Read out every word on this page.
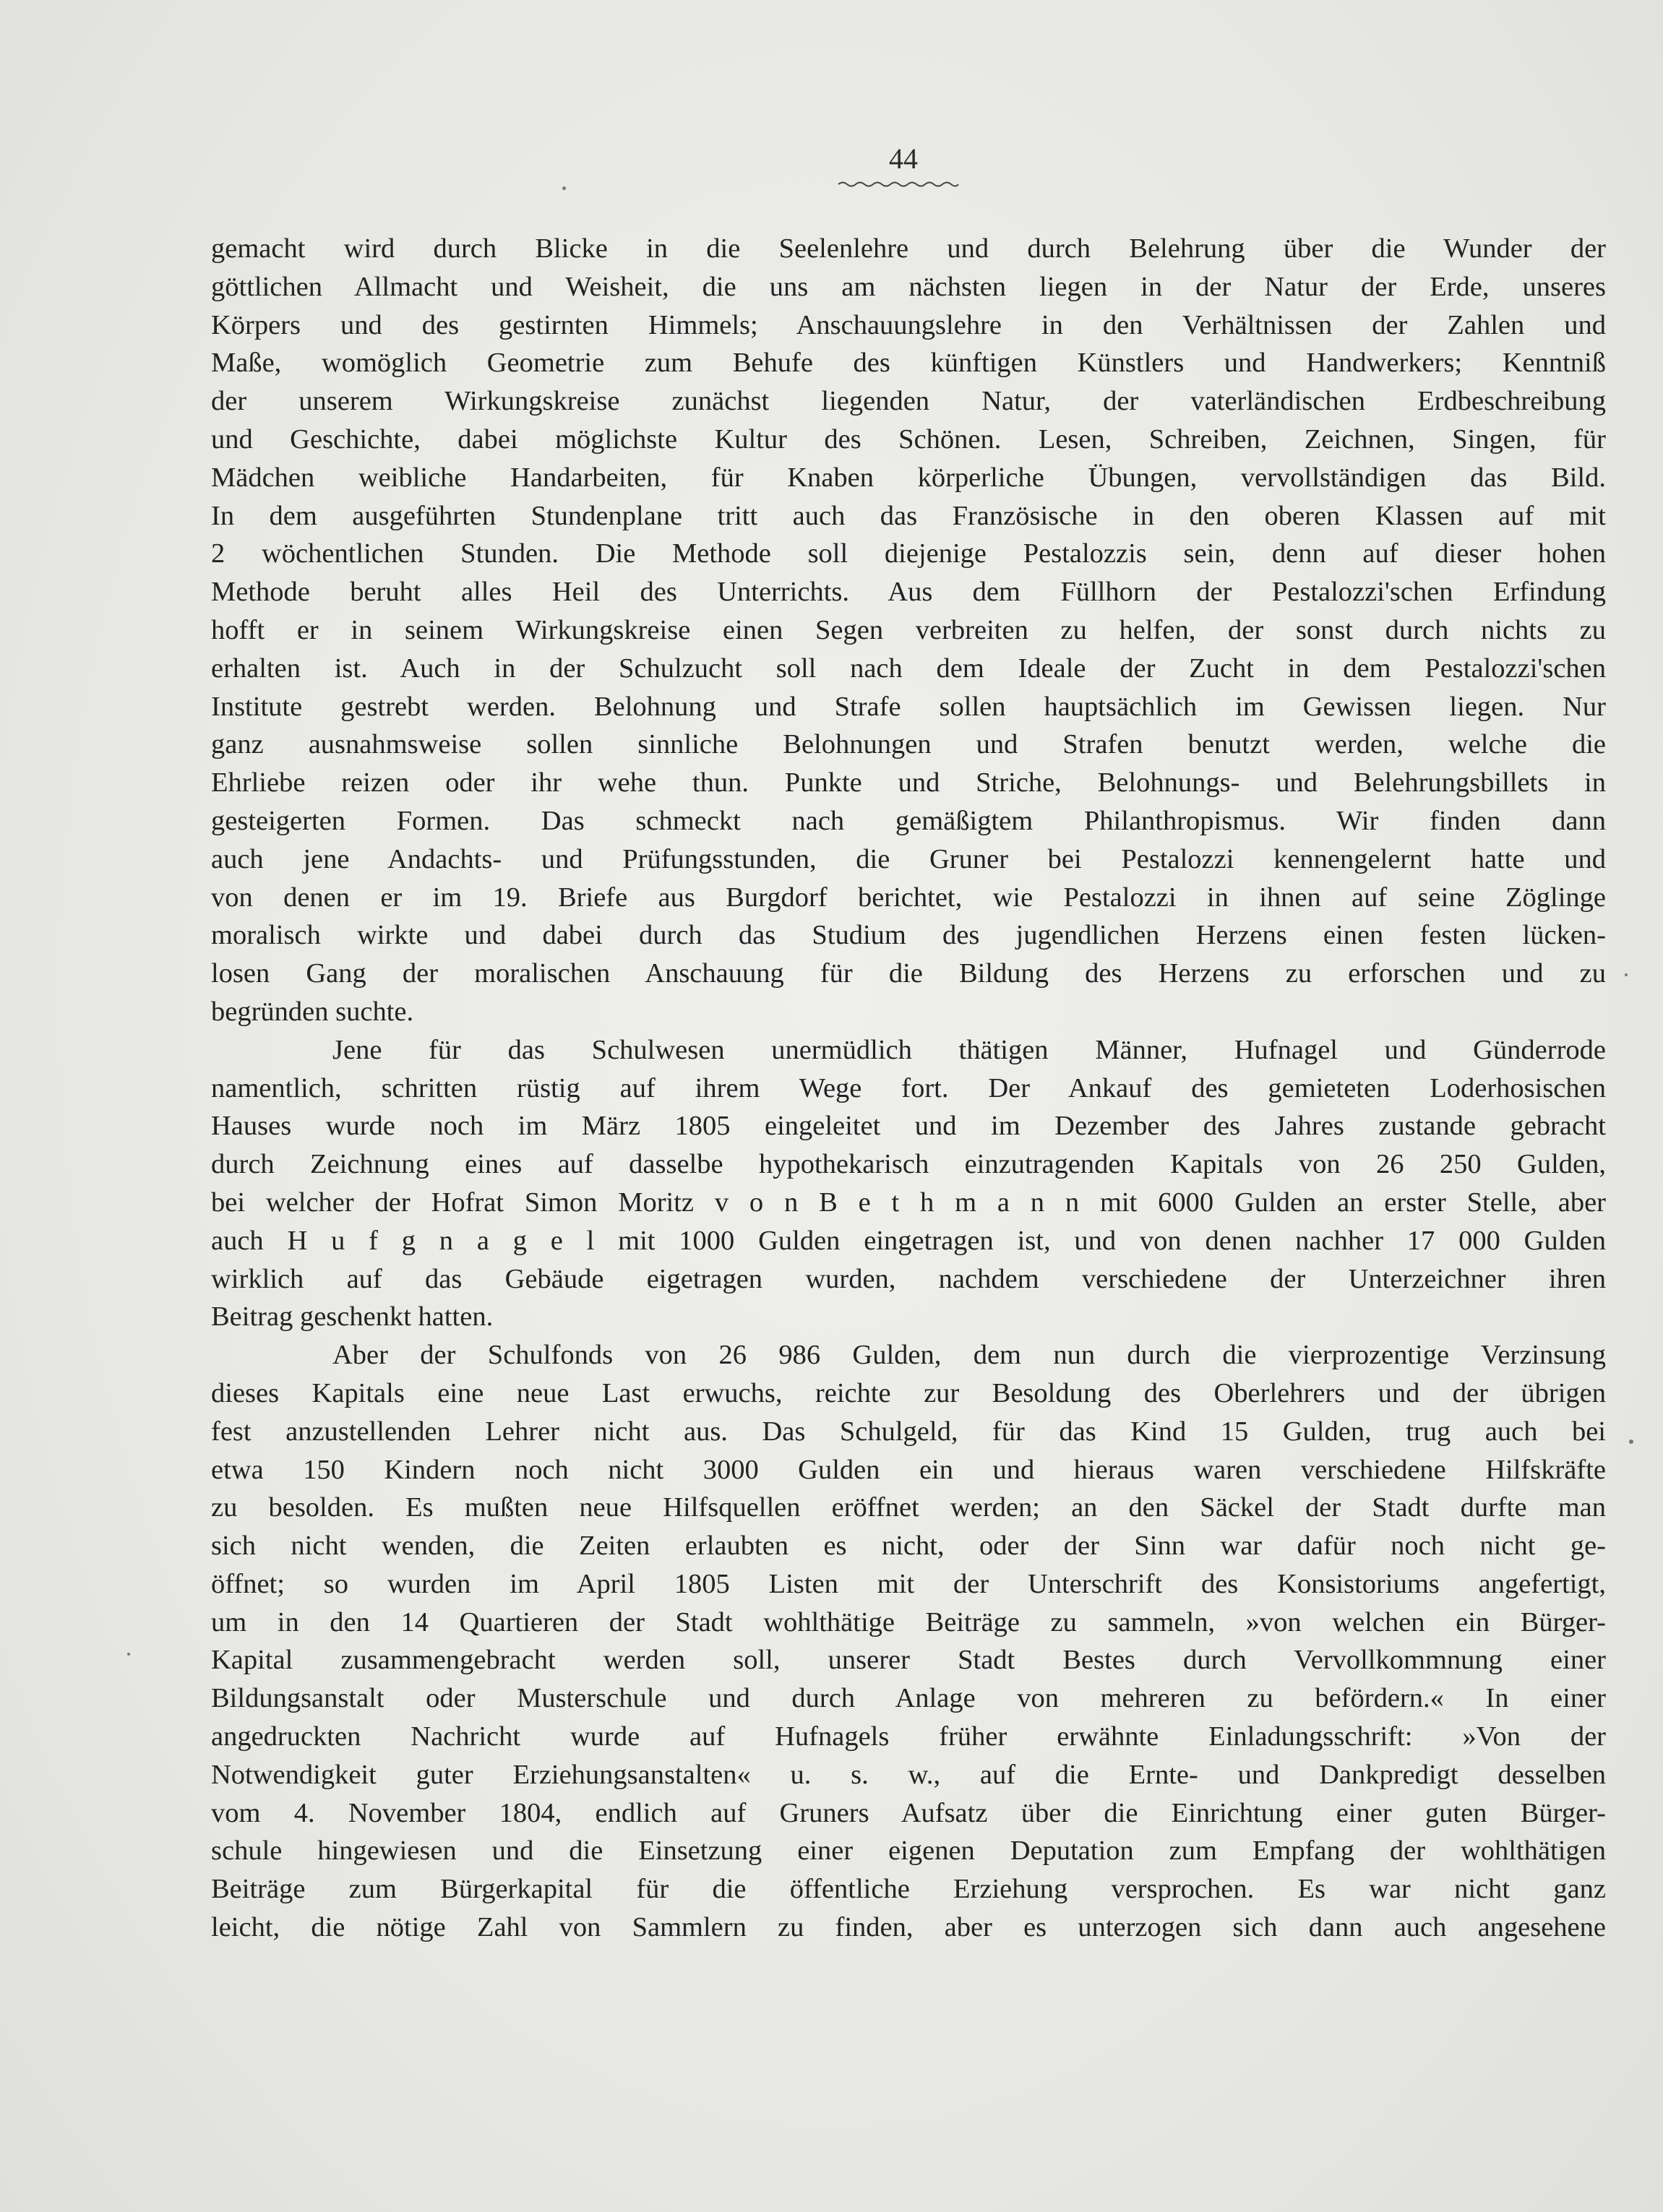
44
gemacht wird durch Blicke in die Seelenlehre und durch Belehrung über die Wunder der
göttlichen Allmacht und Weisheit, die uns am nächsten liegen in der Natur der Erde, unseres
Körpers und des gestirnten Himmels; Anschauungslehre in den Verhältnissen der Zahlen und
Maße, womöglich Geometrie zum Behufe des künftigen Künstlers und Handwerkers; Kenntniß
der unserem Wirkungskreise zunächst liegenden Natur, der vaterländischen Erdbeschreibung
und Geschichte, dabei möglichste Kultur des Schönen. Lesen, Schreiben, Zeichnen, Singen, für
Mädchen weibliche Handarbeiten, für Knaben körperliche Übungen, vervollständigen das Bild.
In dem ausgeführten Stundenplane tritt auch das Französische in den oberen Klassen auf mit
2 wöchentlichen Stunden. Die Methode soll diejenige Pestalozzis sein, denn auf dieser hohen
Methode beruht alles Heil des Unterrichts. Aus dem Füllhorn der Pestalozzi'schen Erfindung
hofft er in seinem Wirkungskreise einen Segen verbreiten zu helfen, der sonst durch nichts zu
erhalten ist. Auch in der Schulzucht soll nach dem Ideale der Zucht in dem Pestalozzi'schen
Institute gestrebt werden. Belohnung und Strafe sollen hauptsächlich im Gewissen liegen. Nur
ganz ausnahmsweise sollen sinnliche Belohnungen und Strafen benutzt werden, welche die
Ehrliebe reizen oder ihr wehe thun. Punkte und Striche, Belohnungs- und Belehrungsbillets in
gesteigerten Formen. Das schmeckt nach gemäßigtem Philanthropismus. Wir finden dann
auch jene Andachts- und Prüfungsstunden, die Gruner bei Pestalozzi kennengelernt hatte und
von denen er im 19. Briefe aus Burgdorf berichtet, wie Pestalozzi in ihnen auf seine Zöglinge
moralisch wirkte und dabei durch das Studium des jugendlichen Herzens einen festen lücken-
losen Gang der moralischen Anschauung für die Bildung des Herzens zu erforschen und zu
begründen suchte.
Jene für das Schulwesen unermüdlich thätigen Männer, Hufnagel und Günderrode
namentlich, schritten rüstig auf ihrem Wege fort. Der Ankauf des gemieteten Loderhosischen
Hauses wurde noch im März 1805 eingeleitet und im Dezember des Jahres zustande gebracht
durch Zeichnung eines auf dasselbe hypothekarisch einzutragenden Kapitals von 26 250 Gulden,
bei welcher der Hofrat Simon Moritz v o n B e t h m a n n mit 6000 Gulden an erster Stelle, aber
auch H u f g n a g e l mit 1000 Gulden eingetragen ist, und von denen nachher 17 000 Gulden
wirklich auf das Gebäude eigetragen wurden, nachdem verschiedene der Unterzeichner ihren
Beitrag geschenkt hatten.
Aber der Schulfonds von 26 986 Gulden, dem nun durch die vierprozentige Verzinsung
dieses Kapitals eine neue Last erwuchs, reichte zur Besoldung des Oberlehrers und der übrigen
fest anzustellenden Lehrer nicht aus. Das Schulgeld, für das Kind 15 Gulden, trug auch bei
etwa 150 Kindern noch nicht 3000 Gulden ein und hieraus waren verschiedene Hilfskräfte
zu besolden. Es mußten neue Hilfsquellen eröffnet werden; an den Säckel der Stadt durfte man
sich nicht wenden, die Zeiten erlaubten es nicht, oder der Sinn war dafür noch nicht ge-
öffnet; so wurden im April 1805 Listen mit der Unterschrift des Konsistoriums angefertigt,
um in den 14 Quartieren der Stadt wohlthätige Beiträge zu sammeln, »von welchen ein Bürger-
Kapital zusammengebracht werden soll, unserer Stadt Bestes durch Vervollkommnung einer
Bildungsanstalt oder Musterschule und durch Anlage von mehreren zu befördern.« In einer
angedruckten Nachricht wurde auf Hufnagels früher erwähnte Einladungsschrift: »Von der
Notwendigkeit guter Erziehungsanstalten« u. s. w., auf die Ernte- und Dankpredigt desselben
vom 4. November 1804, endlich auf Gruners Aufsatz über die Einrichtung einer guten Bürger-
schule hingewiesen und die Einsetzung einer eigenen Deputation zum Empfang der wohlthätigen
Beiträge zum Bürgerkapital für die öffentliche Erziehung versprochen. Es war nicht ganz
leicht, die nötige Zahl von Sammlern zu finden, aber es unterzogen sich dann auch angesehene
